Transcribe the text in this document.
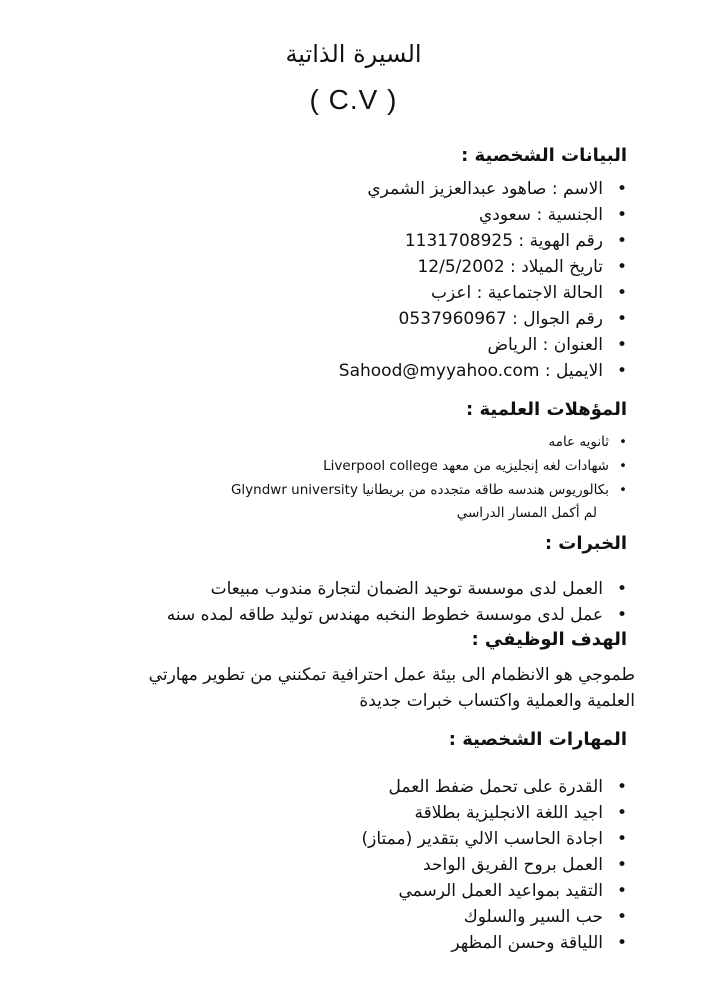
السيرة الذاتية
( C.V )
البيانات الشخصية :
• الاسم : صاهود عبدالعزيز الشمري
• الجنسية : سعودي
• رقم الهوية : 1131708925
• تاريخ الميلاد : 12/5/2002
• الحالة الاجتماعية : اعزب
• رقم الجوال : 0537960967
• العنوان : الرياض
• الايميل : Sahood@myyahoo.com
المؤهلات العلمية :
• ثانويه عامه
• شهادات لغه إنجليزيه من معهد Liverpool college
• بكالوريوس هندسه طاقه متجدده من بريطانيا Glyndwr university
لم أكمل المسار الدراسي
الخبرات :
• العمل لدى موسسة توحيد الضمان لتجارة مندوب مبيعات
• عمل لدى موسسة خطوط النخبه مهندس توليد طاقه لمده سنه
الهدف الوظيفي :

طموجي هو الانظمام الى بيئة عمل احترافية تمكنني من تطوير مهارتي العلمية والعملية واكتساب خبرات جديدة

المهارات الشخصية :
• القدرة على تحمل ضفط العمل
• اجيد اللغة الانجليزية بطلاقة
• اجادة الحاسب الالي بتقدير (ممتاز)
• العمل بروح الفريق الواحد
• التقيد بمواعيد العمل الرسمي
• حب السير والسلوك
• اللياقة وحسن المظهر
